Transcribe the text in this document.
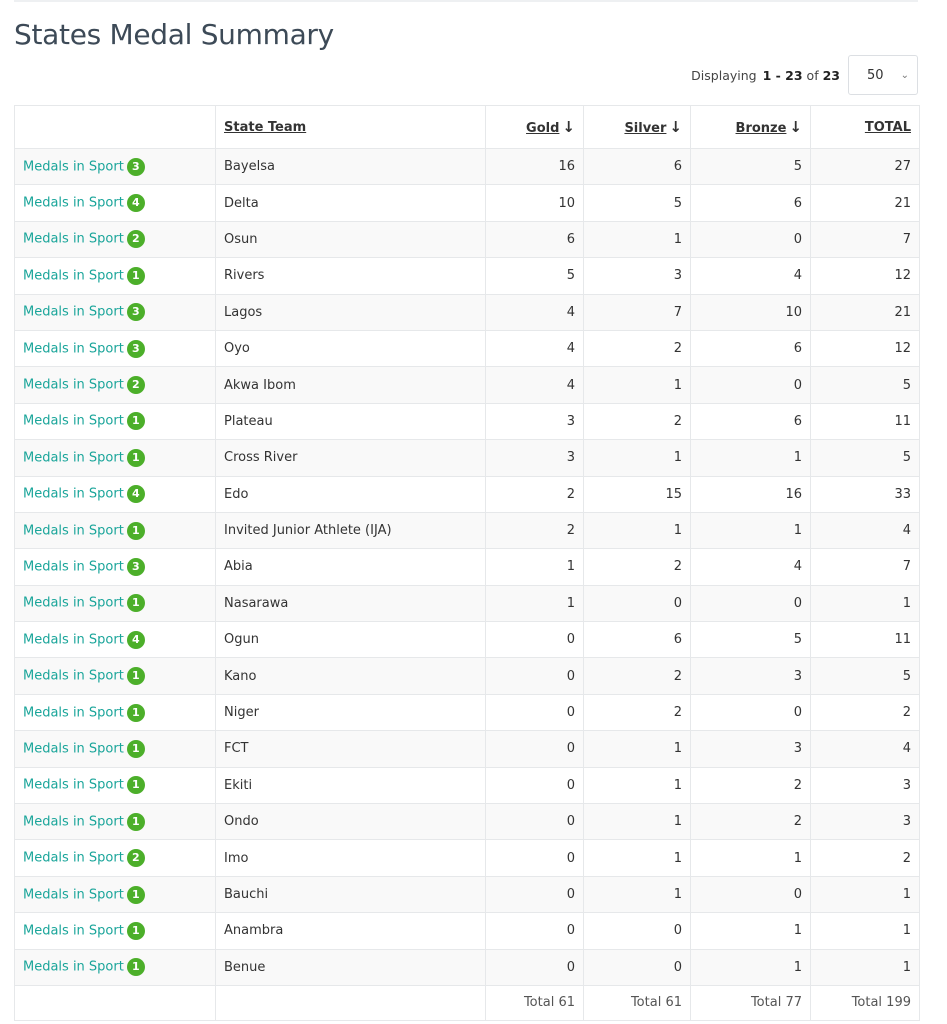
States Medal Summary
Displaying 1 - 23 of 23 50 ⌄
	State Team	Gold ↓	Silver ↓	Bronze ↓	TOTAL
Medals in Sport 3	Bayelsa	16	6	5	27
Medals in Sport 4	Delta	10	5	6	21
Medals in Sport 2	Osun	6	1	0	7
Medals in Sport 1	Rivers	5	3	4	12
Medals in Sport 3	Lagos	4	7	10	21
Medals in Sport 3	Oyo	4	2	6	12
Medals in Sport 2	Akwa Ibom	4	1	0	5
Medals in Sport 1	Plateau	3	2	6	11
Medals in Sport 1	Cross River	3	1	1	5
Medals in Sport 4	Edo	2	15	16	33
Medals in Sport 1	Invited Junior Athlete (IJA)	2	1	1	4
Medals in Sport 3	Abia	1	2	4	7
Medals in Sport 1	Nasarawa	1	0	0	1
Medals in Sport 4	Ogun	0	6	5	11
Medals in Sport 1	Kano	0	2	3	5
Medals in Sport 1	Niger	0	2	0	2
Medals in Sport 1	FCT	0	1	3	4
Medals in Sport 1	Ekiti	0	1	2	3
Medals in Sport 1	Ondo	0	1	2	3
Medals in Sport 2	Imo	0	1	1	2
Medals in Sport 1	Bauchi	0	1	0	1
Medals in Sport 1	Anambra	0	0	1	1
Medals in Sport 1	Benue	0	0	1	1
		Total 61	Total 61	Total 77	Total 199
